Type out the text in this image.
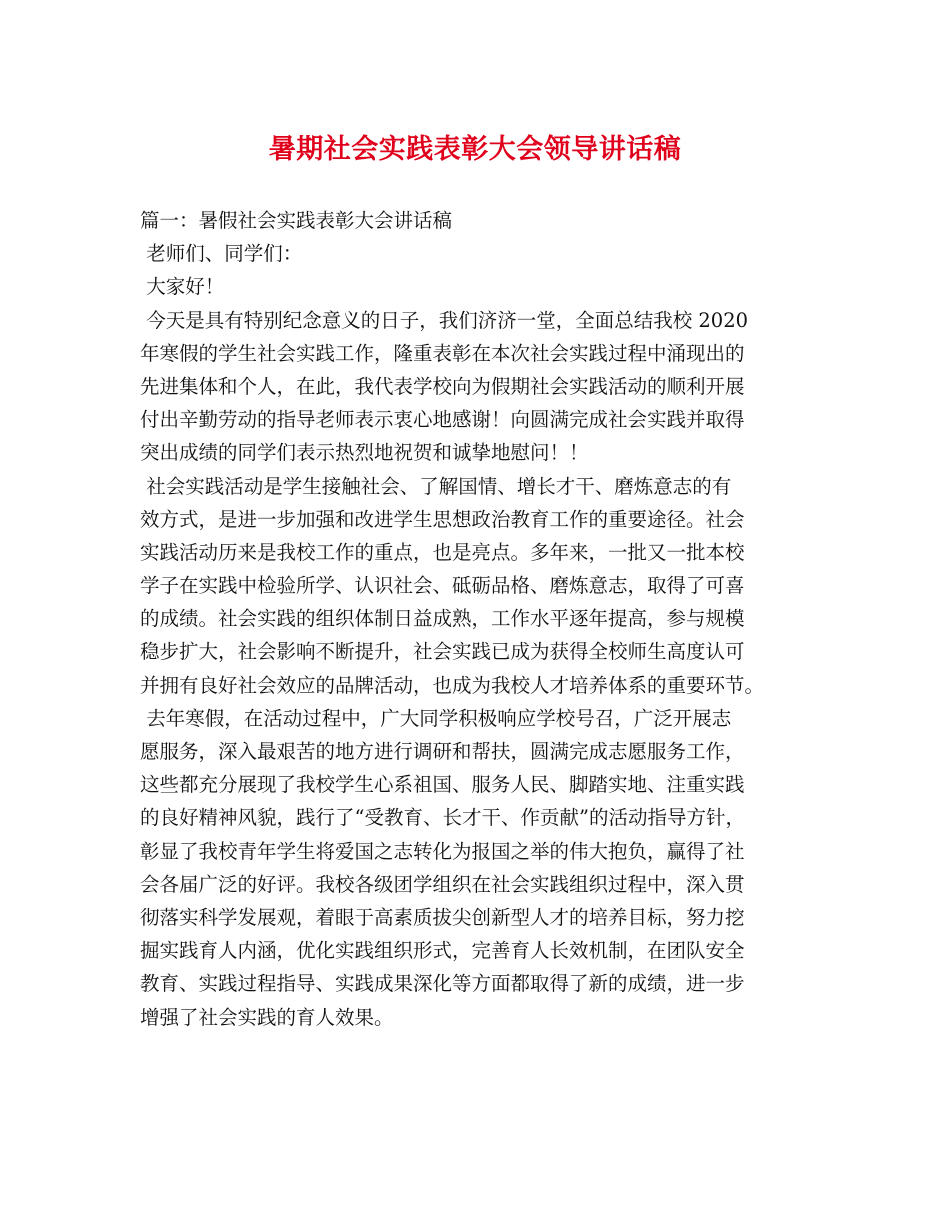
暑期社会实践表彰大会领导讲话稿
篇一：暑假社会实践表彰大会讲话稿
老师们、同学们：
大家好！
今天是具有特别纪念意义的日子，我们济济一堂，全面总结我校 2020
年寒假的学生社会实践工作，隆重表彰在本次社会实践过程中涌现出的
先进集体和个人，在此，我代表学校向为假期社会实践活动的顺利开展
付出辛勤劳动的指导老师表示衷心地感谢！向圆满完成社会实践并取得
突出成绩的同学们表示热烈地祝贺和诚挚地慰问！！
社会实践活动是学生接触社会、了解国情、增长才干、磨炼意志的有
效方式，是进一步加强和改进学生思想政治教育工作的重要途径。社会
实践活动历来是我校工作的重点，也是亮点。多年来，一批又一批本校
学子在实践中检验所学、认识社会、砥砺品格、磨炼意志，取得了可喜
的成绩。社会实践的组织体制日益成熟，工作水平逐年提高，参与规模
稳步扩大，社会影响不断提升，社会实践已成为获得全校师生高度认可
并拥有良好社会效应的品牌活动，也成为我校人才培养体系的重要环节。
去年寒假，在活动过程中，广大同学积极响应学校号召，广泛开展志
愿服务，深入最艰苦的地方进行调研和帮扶，圆满完成志愿服务工作，
这些都充分展现了我校学生心系祖国、服务人民、脚踏实地、注重实践
的良好精神风貌，践行了“受教育、长才干、作贡献”的活动指导方针，
彰显了我校青年学生将爱国之志转化为报国之举的伟大抱负，赢得了社
会各届广泛的好评。我校各级团学组织在社会实践组织过程中，深入贯
彻落实科学发展观，着眼于高素质拔尖创新型人才的培养目标，努力挖
掘实践育人内涵，优化实践组织形式，完善育人长效机制，在团队安全
教育、实践过程指导、实践成果深化等方面都取得了新的成绩，进一步
增强了社会实践的育人效果。
